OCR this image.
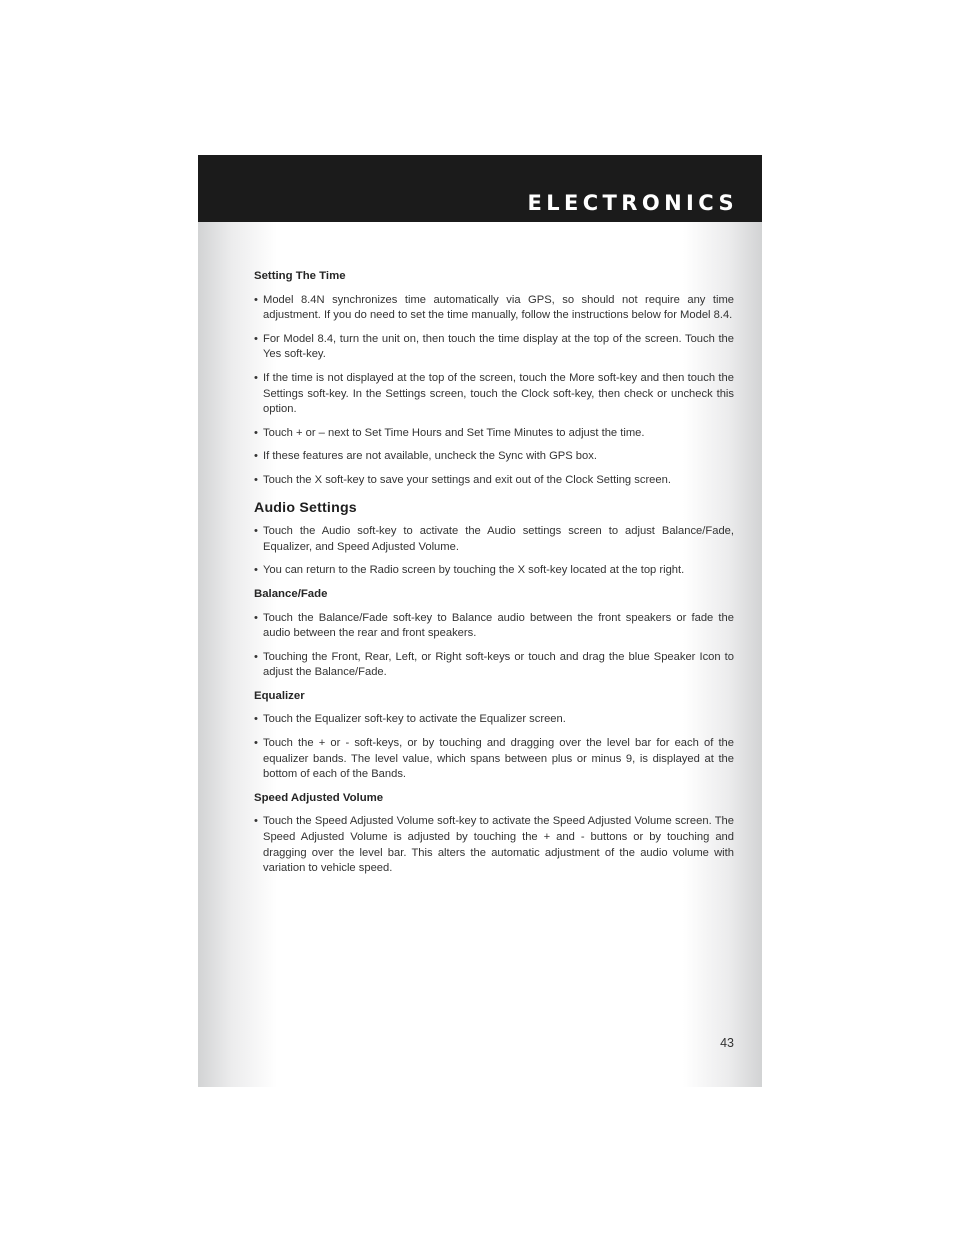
ELECTRONICS
Setting The Time
• Model 8.4N synchronizes time automatically via GPS, so should not require any time adjustment. If you do need to set the time manually, follow the instructions below for Model 8.4.
• For Model 8.4, turn the unit on, then touch the time display at the top of the screen. Touch the Yes soft-key.
• If the time is not displayed at the top of the screen, touch the More soft-key and then touch the Settings soft-key. In the Settings screen, touch the Clock soft-key, then check or uncheck this option.
• Touch + or – next to Set Time Hours and Set Time Minutes to adjust the time.
• If these features are not available, uncheck the Sync with GPS box.
• Touch the X soft-key to save your settings and exit out of the Clock Setting screen.
Audio Settings
• Touch the Audio soft-key to activate the Audio settings screen to adjust Balance/Fade, Equalizer, and Speed Adjusted Volume.
• You can return to the Radio screen by touching the X soft-key located at the top right.
Balance/Fade
• Touch the Balance/Fade soft-key to Balance audio between the front speakers or fade the audio between the rear and front speakers.
• Touching the Front, Rear, Left, or Right soft-keys or touch and drag the blue Speaker Icon to adjust the Balance/Fade.
Equalizer
• Touch the Equalizer soft-key to activate the Equalizer screen.
• Touch the + or - soft-keys, or by touching and dragging over the level bar for each of the equalizer bands. The level value, which spans between plus or minus 9, is displayed at the bottom of each of the Bands.
Speed Adjusted Volume
• Touch the Speed Adjusted Volume soft-key to activate the Speed Adjusted Volume screen. The Speed Adjusted Volume is adjusted by touching the + and - buttons or by touching and dragging over the level bar. This alters the automatic adjustment of the audio volume with variation to vehicle speed.
43
